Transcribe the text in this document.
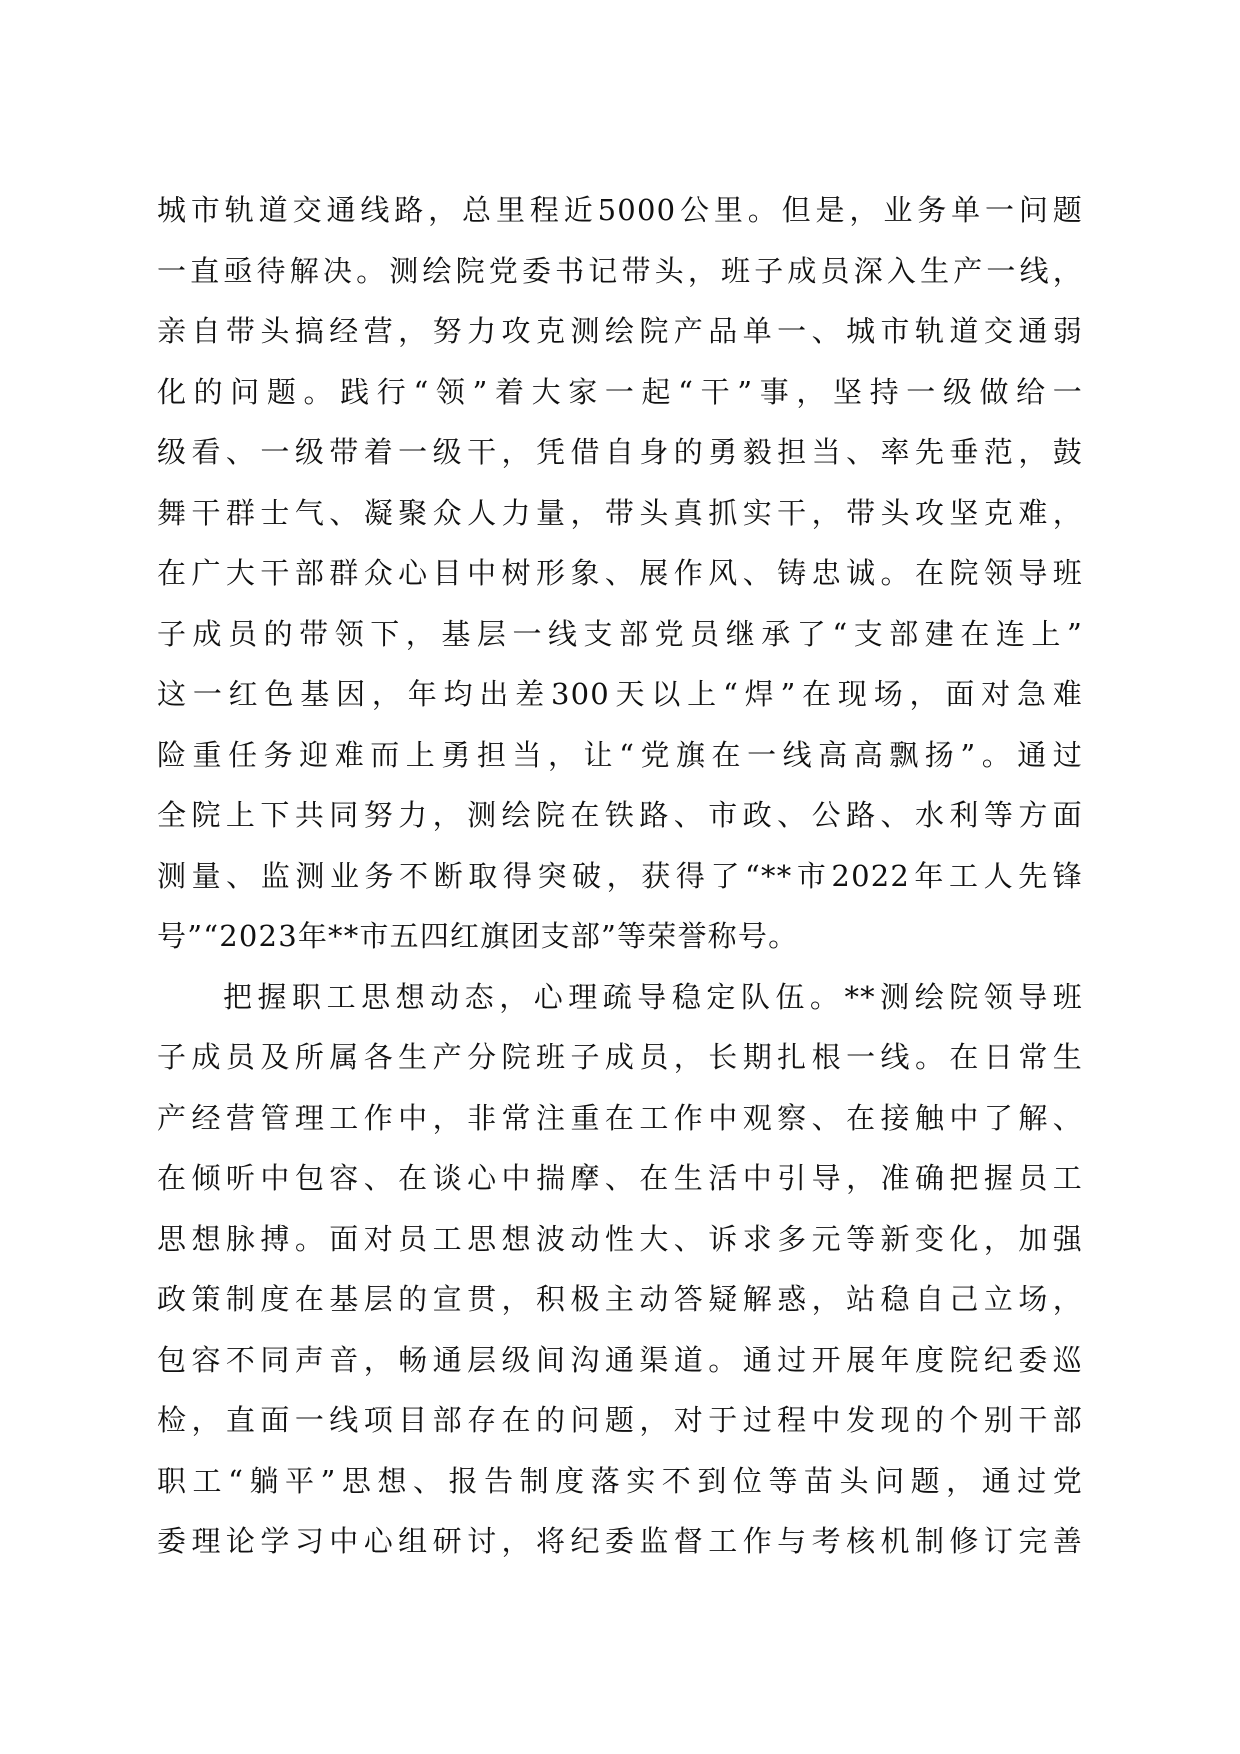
城市轨道交通线路，总里程近5000公里。但是，业务单一问题
一直亟待解决。测绘院党委书记带头，班子成员深入生产一线，
亲自带头搞经营，努力攻克测绘院产品单一、城市轨道交通弱
化的问题。践行“领”着大家一起“干”事，坚持一级做给一
级看、一级带着一级干，凭借自身的勇毅担当、率先垂范，鼓
舞干群士气、凝聚众人力量，带头真抓实干，带头攻坚克难，
在广大干部群众心目中树形象、展作风、铸忠诚。在院领导班
子成员的带领下，基层一线支部党员继承了“支部建在连上”
这一红色基因，年均出差300天以上“焊”在现场，面对急难
险重任务迎难而上勇担当，让“党旗在一线高高飘扬”。通过
全院上下共同努力，测绘院在铁路、市政、公路、水利等方面
测量、监测业务不断取得突破，获得了“**市2022年工人先锋
号”“2023年**市五四红旗团支部”等荣誉称号。
把握职工思想动态，心理疏导稳定队伍。**测绘院领导班
子成员及所属各生产分院班子成员，长期扎根一线。在日常生
产经营管理工作中，非常注重在工作中观察、在接触中了解、
在倾听中包容、在谈心中揣摩、在生活中引导，准确把握员工
思想脉搏。面对员工思想波动性大、诉求多元等新变化，加强
政策制度在基层的宣贯，积极主动答疑解惑，站稳自己立场，
包容不同声音，畅通层级间沟通渠道。通过开展年度院纪委巡
检，直面一线项目部存在的问题，对于过程中发现的个别干部
职工“躺平”思想、报告制度落实不到位等苗头问题，通过党
委理论学习中心组研讨，将纪委监督工作与考核机制修订完善
